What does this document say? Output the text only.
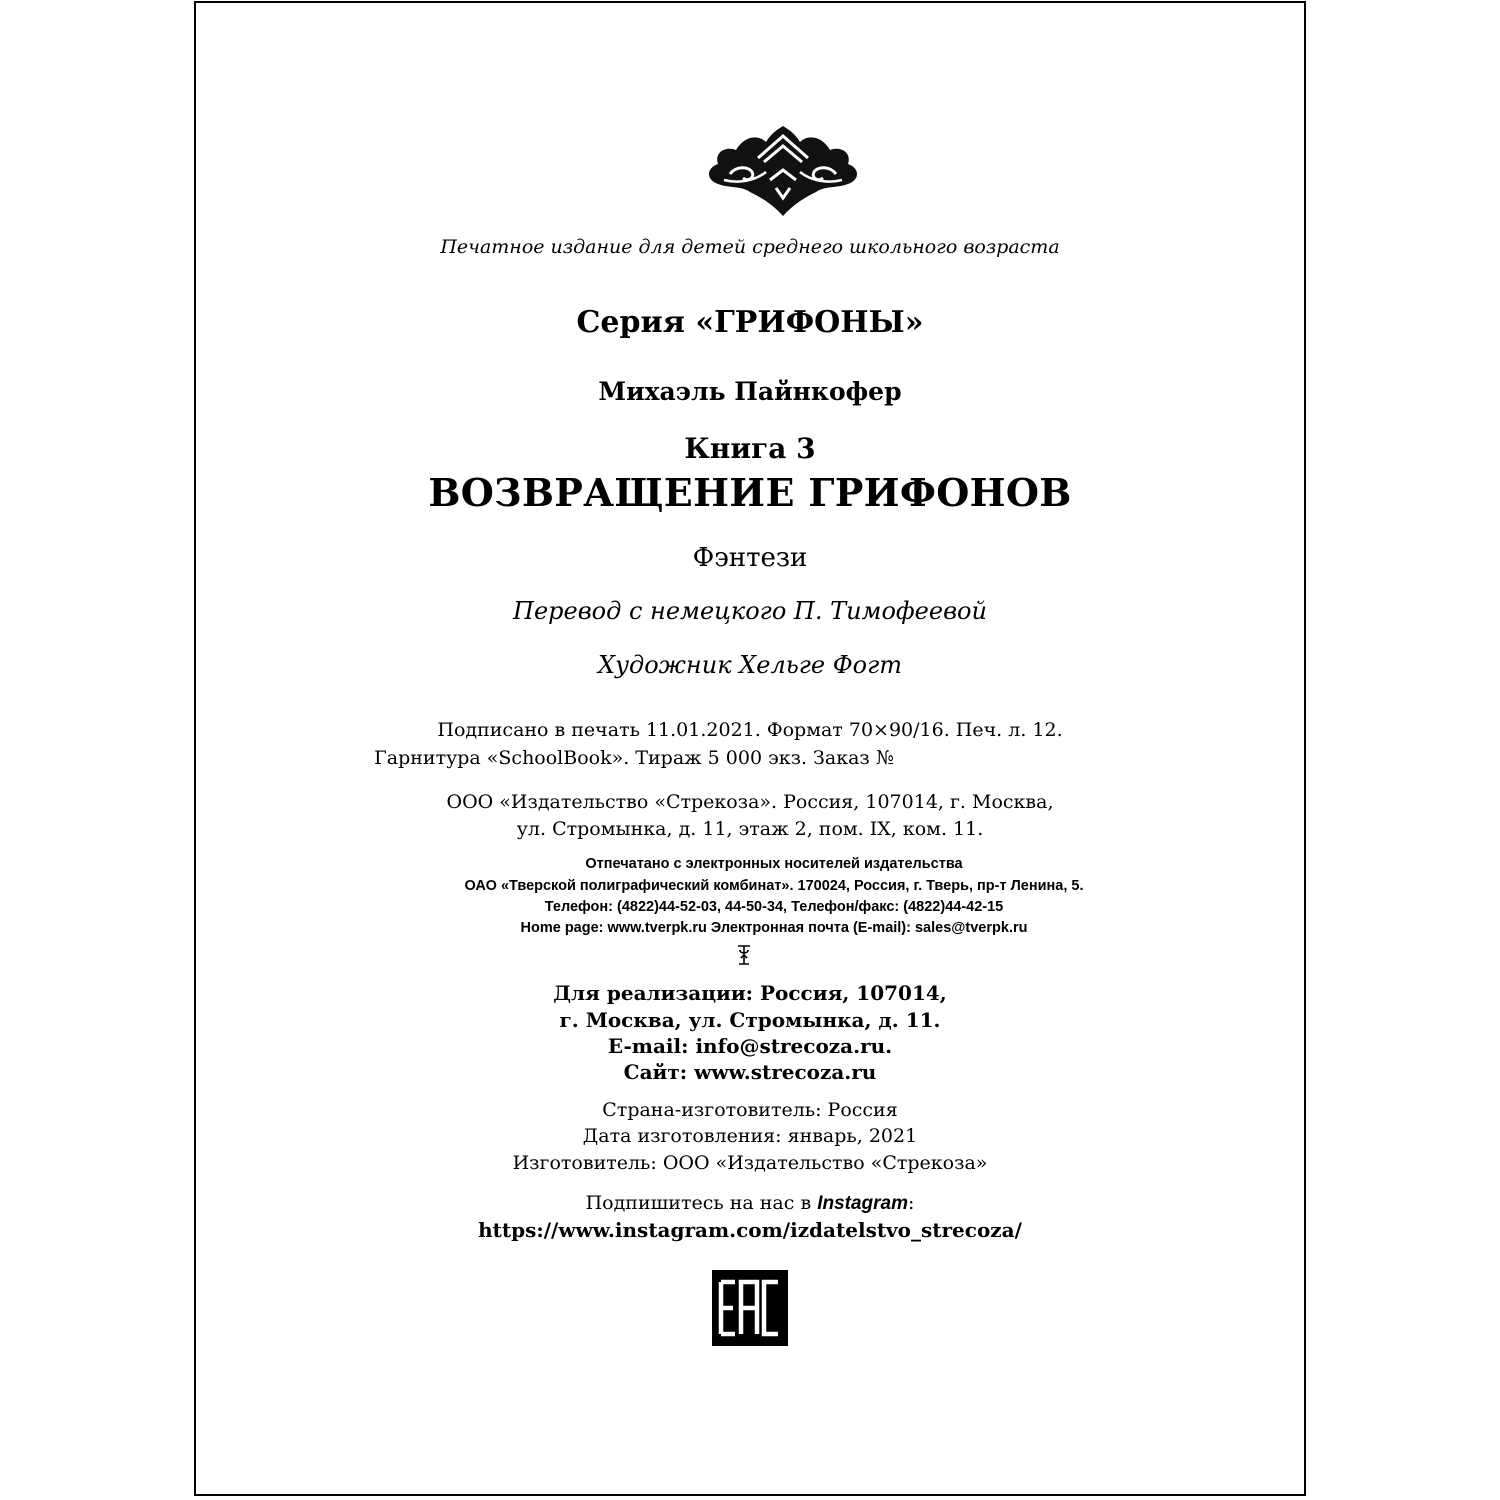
Печатное издание для детей среднего школьного возраста
Серия «ГРИФОНЫ»
Михаэль Пайнкофер
Книга 3
ВОЗВРАЩЕНИЕ ГРИФОНОВ
Фэнтези
Перевод с немецкого П. Тимофеевой
Художник Хельге Фогт
Подписано в печать 11.01.2021. Формат 70×90/16. Печ. л. 12.
Гарнитура «SchoolBook». Тираж 5 000 экз. Заказ №
ООО «Издательство «Стрекоза». Россия, 107014, г. Москва,
ул. Стромынка, д. 11, этаж 2, пом. IX, ком. 11.
Отпечатано с электронных носителей издательства
ОАО «Тверской полиграфический комбинат». 170024, Россия, г. Тверь, пр-т Ленина, 5.
Телефон: (4822)44-52-03, 44-50-34, Телефон/факс: (4822)44-42-15
Home page: www.tverpk.ru Электронная почта (E-mail): sales@tverpk.ru
Для реализации: Россия, 107014,
г. Москва, ул. Стромынка, д. 11.
E-mail: info@strecoza.ru.
Сайт: www.strecoza.ru
Страна-изготовитель: Россия
Дата изготовления: январь, 2021
Изготовитель: ООО «Издательство «Стрекоза»
Подпишитесь на нас в Instagram:
https://www.instagram.com/izdatelstvo_strecoza/
